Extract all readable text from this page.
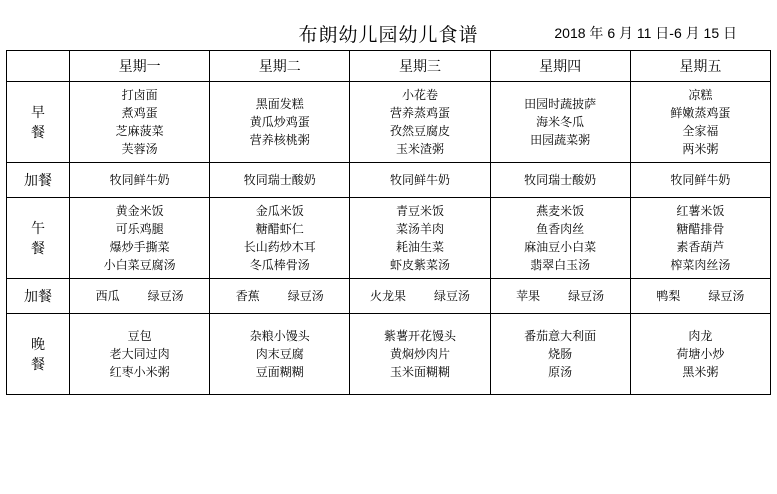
布朗幼儿园幼儿食谱	2018 年 6 月 11 日-6 月 15 日
	星期一	星期二	星期三	星期四	星期五

早
餐	打卤面
煮鸡蛋
芝麻菠菜
芙蓉汤	黑面发糕
黄瓜炒鸡蛋
营养核桃粥	小花卷
营养蒸鸡蛋
孜然豆腐皮
玉米渣粥	田园时蔬披萨
海米冬瓜
田园蔬菜粥	凉糕
鲜嫩蒸鸡蛋
全家福
两米粥

加餐	牧同鲜牛奶	牧同瑞士酸奶	牧同鲜牛奶	牧同瑞士酸奶	牧同鲜牛奶

午
餐	黄金米饭
可乐鸡腿
爆炒手撕菜
小白菜豆腐汤	金瓜米饭
糖醋虾仁
长山药炒木耳
冬瓜棒骨汤	青豆米饭
菜汤羊肉
耗油生菜
虾皮紫菜汤	燕麦米饭
鱼香肉丝
麻油豆小白菜
翡翠白玉汤	红薯米饭
糖醋排骨
素香葫芦
榨菜肉丝汤

加餐	西瓜 绿豆汤	香蕉 绿豆汤	火龙果 绿豆汤	苹果 绿豆汤	鸭梨 绿豆汤

晚
餐	豆包
老大同过肉
红枣小米粥	杂粮小馒头
肉末豆腐
豆面糊糊	紫薯开花馒头
黄焖炒肉片
玉米面糊糊	番茄意大利面
烧肠
原汤	肉龙
荷塘小炒
黑米粥
